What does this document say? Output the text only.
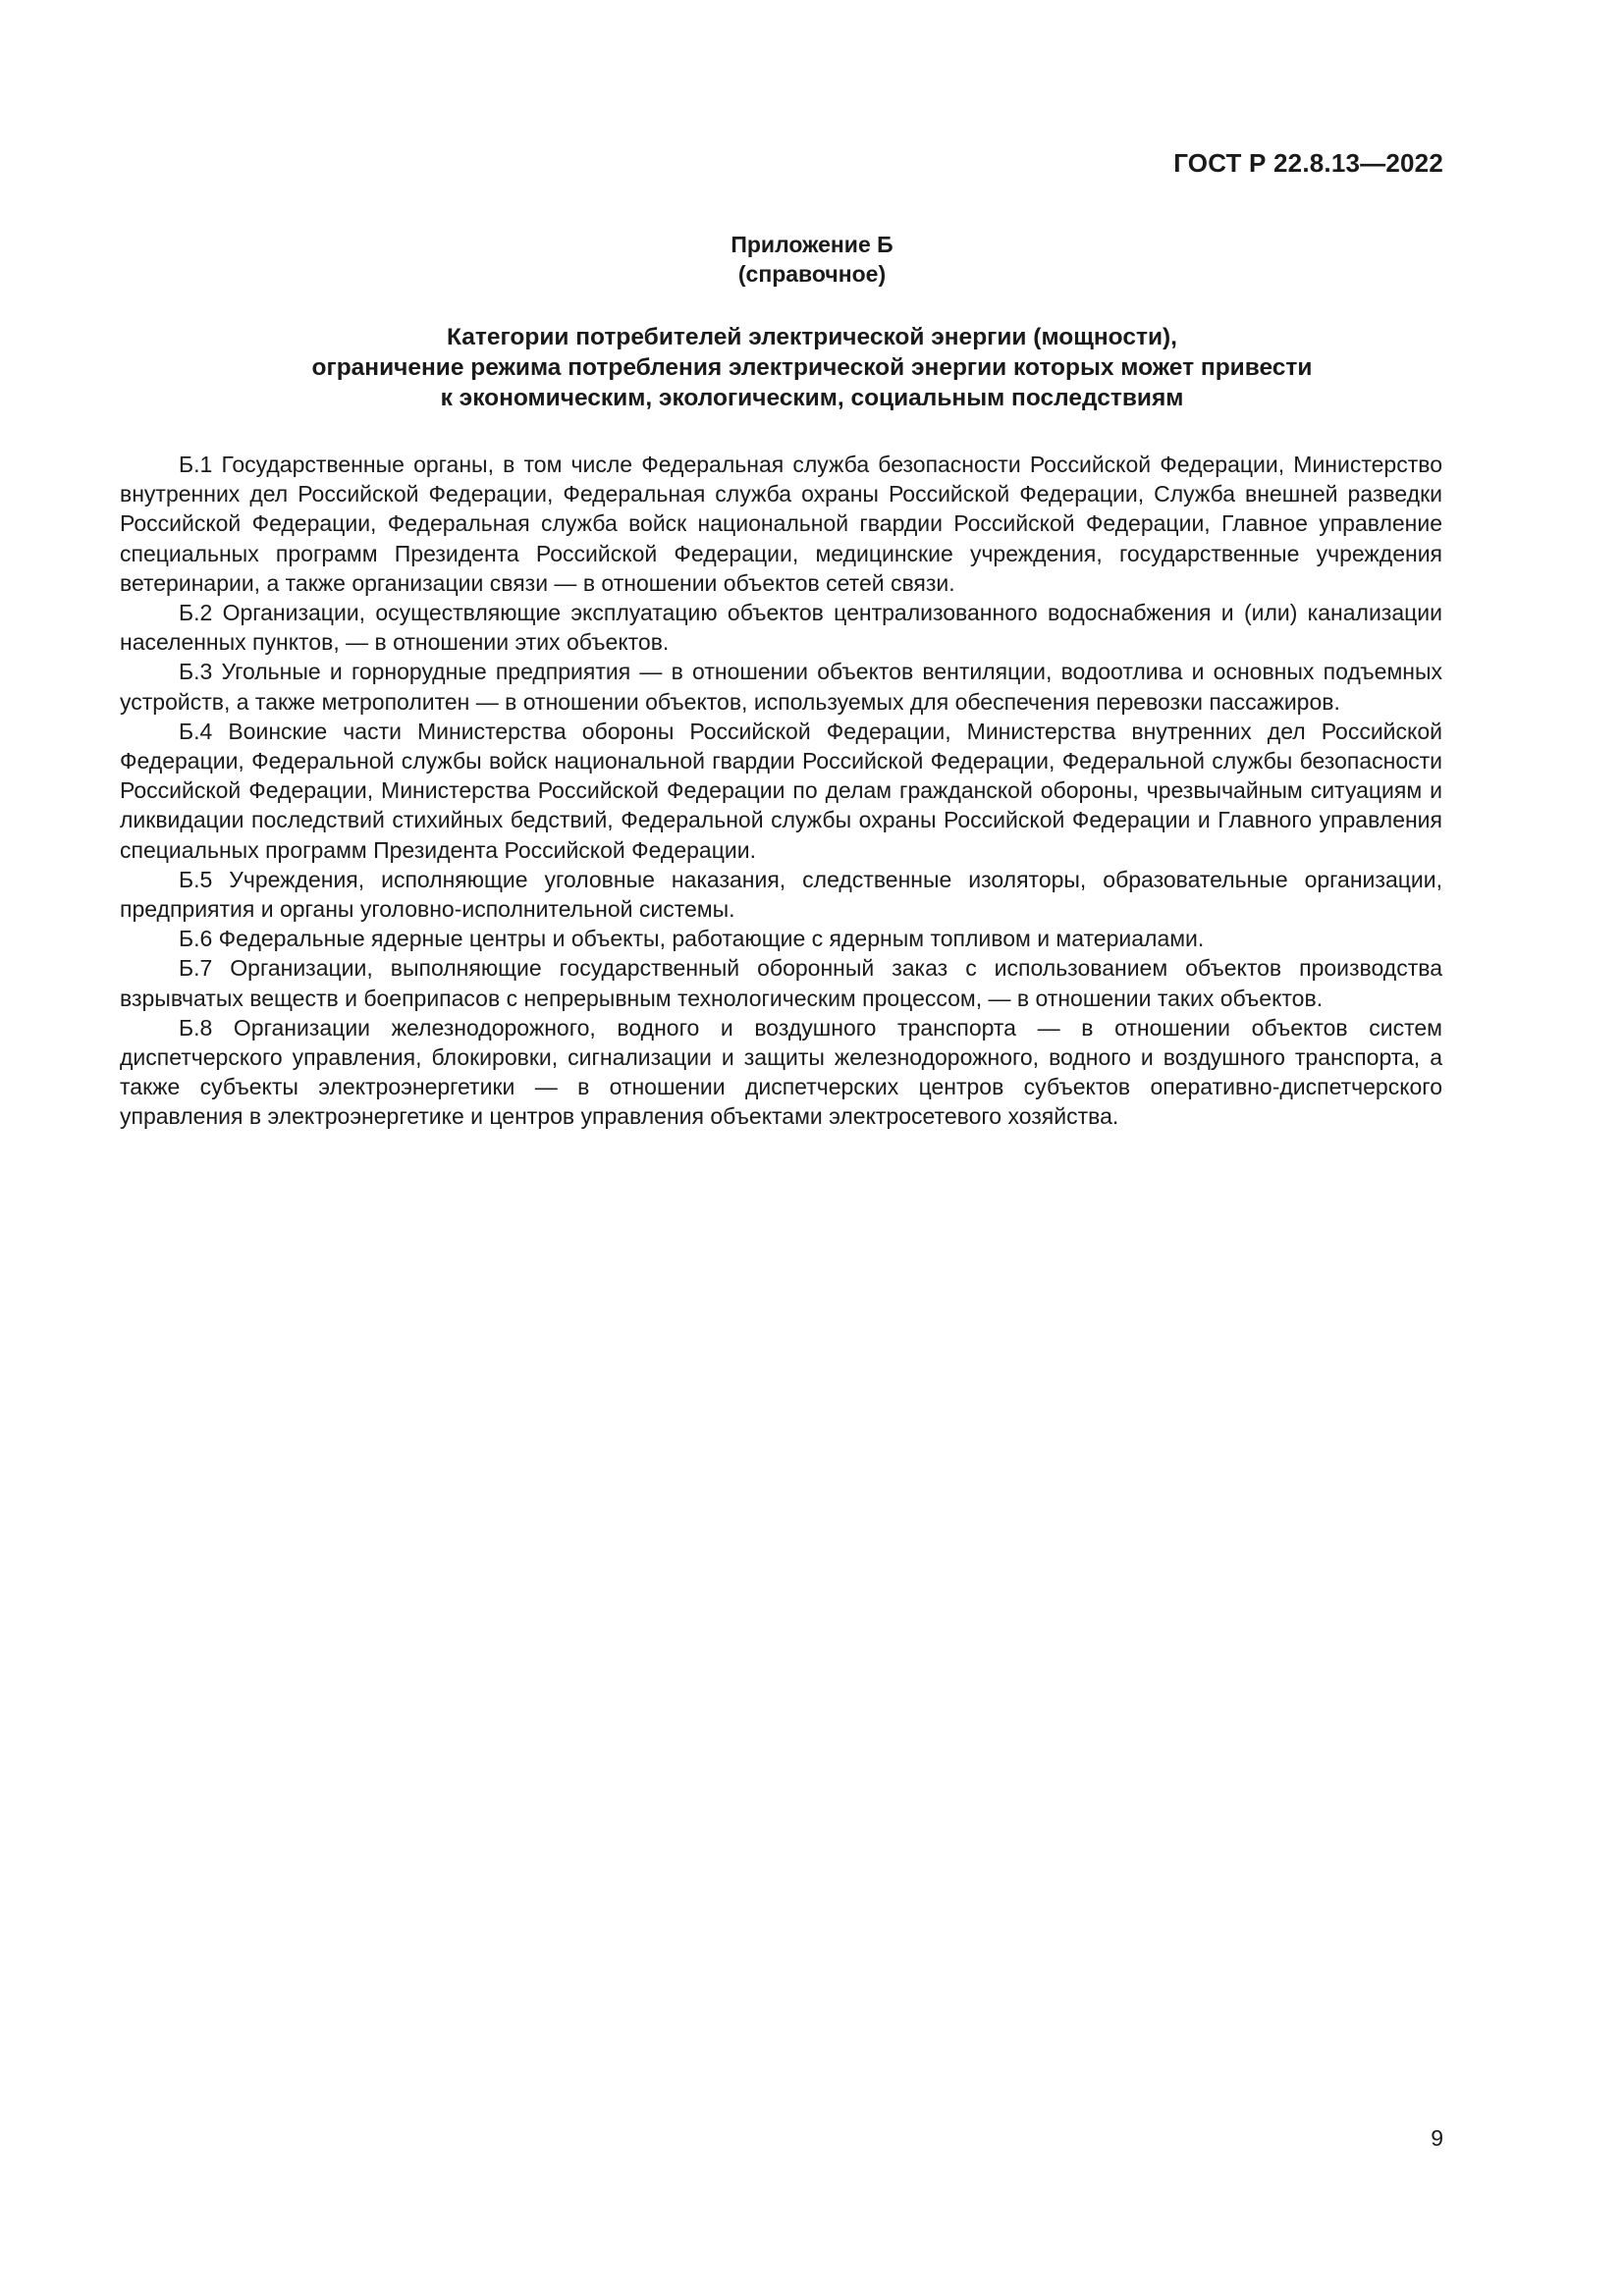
ГОСТ Р 22.8.13—2022
Приложение Б
(справочное)
Категории потребителей электрической энергии (мощности),
ограничение режима потребления электрической энергии которых может привести
к экономическим, экологическим, социальным последствиям

Б.1 Государственные органы, в том числе Федеральная служба безопасности Российской Федерации, Министерство внутренних дел Российской Федерации, Федеральная служба охраны Российской Федерации, Служба внешней разведки Российской Федерации, Федеральная служба войск национальной гвардии Российской Федерации, Главное управление специальных программ Президента Российской Федерации, медицинские учреждения, государственные учреждения ветеринарии, а также организации связи — в отношении объектов сетей связи.

Б.2 Организации, осуществляющие эксплуатацию объектов централизованного водоснабжения и (или) канализации населенных пунктов, — в отношении этих объектов.

Б.3 Угольные и горнорудные предприятия — в отношении объектов вентиляции, водоотлива и основных подъемных устройств, а также метрополитен — в отношении объектов, используемых для обеспечения перевозки пассажиров.

Б.4 Воинские части Министерства обороны Российской Федерации, Министерства внутренних дел Российской Федерации, Федеральной службы войск национальной гвардии Российской Федерации, Федеральной службы безопасности Российской Федерации, Министерства Российской Федерации по делам гражданской обороны, чрезвычайным ситуациям и ликвидации последствий стихийных бедствий, Федеральной службы охраны Российской Федерации и Главного управления специальных программ Президента Российской Федерации.

Б.5 Учреждения, исполняющие уголовные наказания, следственные изоляторы, образовательные организации, предприятия и органы уголовно-исполнительной системы.

Б.6 Федеральные ядерные центры и объекты, работающие с ядерным топливом и материалами.

Б.7 Организации, выполняющие государственный оборонный заказ с использованием объектов производства взрывчатых веществ и боеприпасов с непрерывным технологическим процессом, — в отношении таких объектов.

Б.8 Организации железнодорожного, водного и воздушного транспорта — в отношении объектов систем диспетчерского управления, блокировки, сигнализации и защиты железнодорожного, водного и воздушного транспорта, а также субъекты электроэнергетики — в отношении диспетчерских центров субъектов оперативно-диспетчерского управления в электроэнергетике и центров управления объектами электросетевого хозяйства.

9
